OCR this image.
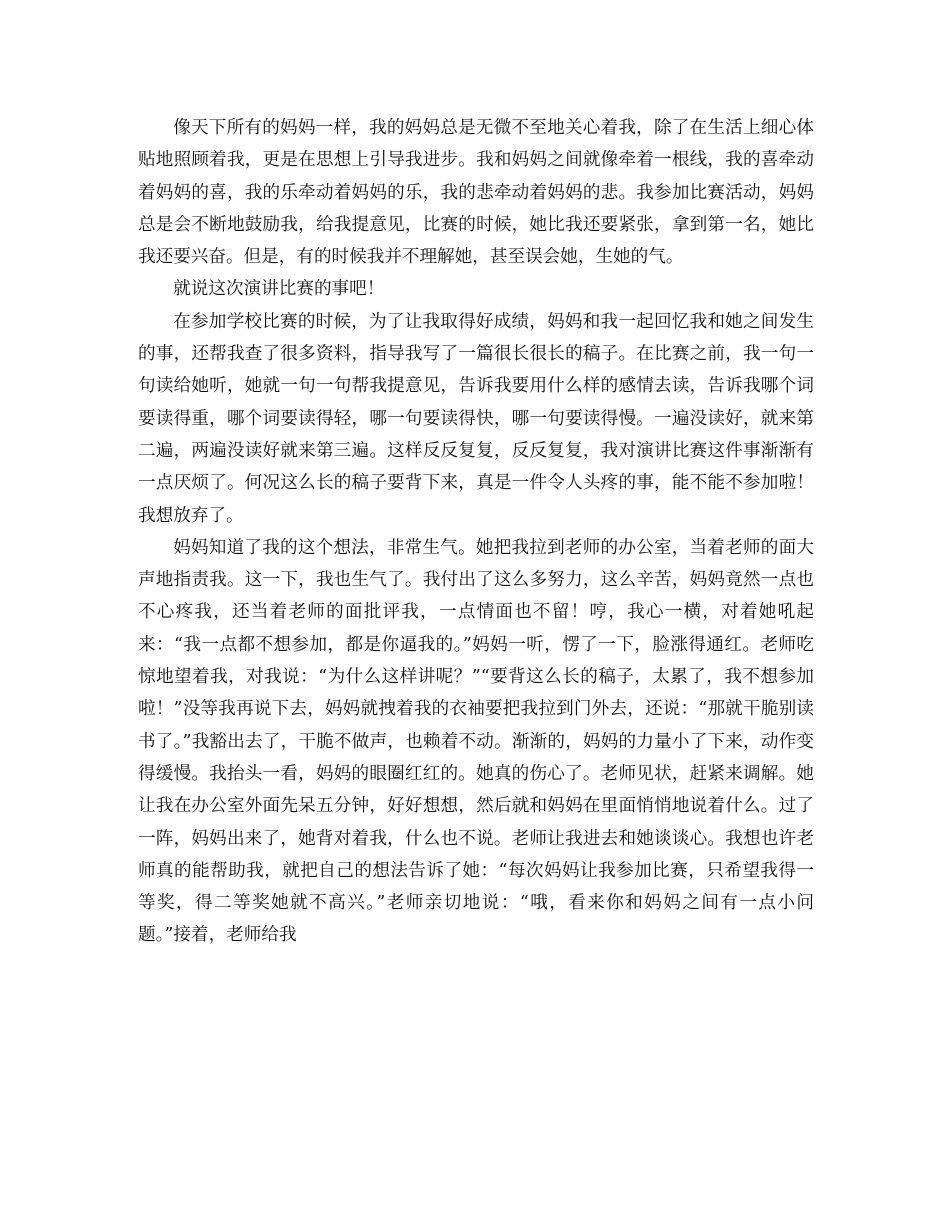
像天下所有的妈妈一样，我的妈妈总是无微不至地关心着我，除了在生活上细心体贴地照顾着我，更是在思想上引导我进步。我和妈妈之间就像牵着一根线，我的喜牵动着妈妈的喜，我的乐牵动着妈妈的乐，我的悲牵动着妈妈的悲。我参加比赛活动，妈妈总是会不断地鼓励我，给我提意见，比赛的时候，她比我还要紧张，拿到第一名，她比我还要兴奋。但是，有的时候我并不理解她，甚至误会她，生她的气。

就说这次演讲比赛的事吧！

在参加学校比赛的时候，为了让我取得好成绩，妈妈和我一起回忆我和她之间发生的事，还帮我查了很多资料，指导我写了一篇很长很长的稿子。在比赛之前，我一句一句读给她听，她就一句一句帮我提意见，告诉我要用什么样的感情去读，告诉我哪个词要读得重，哪个词要读得轻，哪一句要读得快，哪一句要读得慢。一遍没读好，就来第二遍，两遍没读好就来第三遍。这样反反复复，反反复复，我对演讲比赛这件事渐渐有一点厌烦了。何况这么长的稿子要背下来，真是一件令人头疼的事，能不能不参加啦！我想放弃了。

妈妈知道了我的这个想法，非常生气。她把我拉到老师的办公室，当着老师的面大声地指责我。这一下，我也生气了。我付出了这么多努力，这么辛苦，妈妈竟然一点也不心疼我，还当着老师的面批评我，一点情面也不留！哼，我心一横，对着她吼起来：“我一点都不想参加，都是你逼我的。”妈妈一听，愣了一下，脸涨得通红。老师吃惊地望着我，对我说：“为什么这样讲呢？”“要背这么长的稿子，太累了，我不想参加啦！”没等我再说下去，妈妈就拽着我的衣袖要把我拉到门外去，还说：“那就干脆别读书了。”我豁出去了，干脆不做声，也赖着不动。渐渐的，妈妈的力量小了下来，动作变得缓慢。我抬头一看，妈妈的眼圈红红的。她真的伤心了。老师见状，赶紧来调解。她让我在办公室外面先呆五分钟，好好想想，然后就和妈妈在里面悄悄地说着什么。过了一阵，妈妈出来了，她背对着我，什么也不说。老师让我进去和她谈谈心。我想也许老师真的能帮助我，就把自己的想法告诉了她：“每次妈妈让我参加比赛，只希望我得一等奖，得二等奖她就不高兴。”老师亲切地说：“哦，看来你和妈妈之间有一点小问题。”接着，老师给我
